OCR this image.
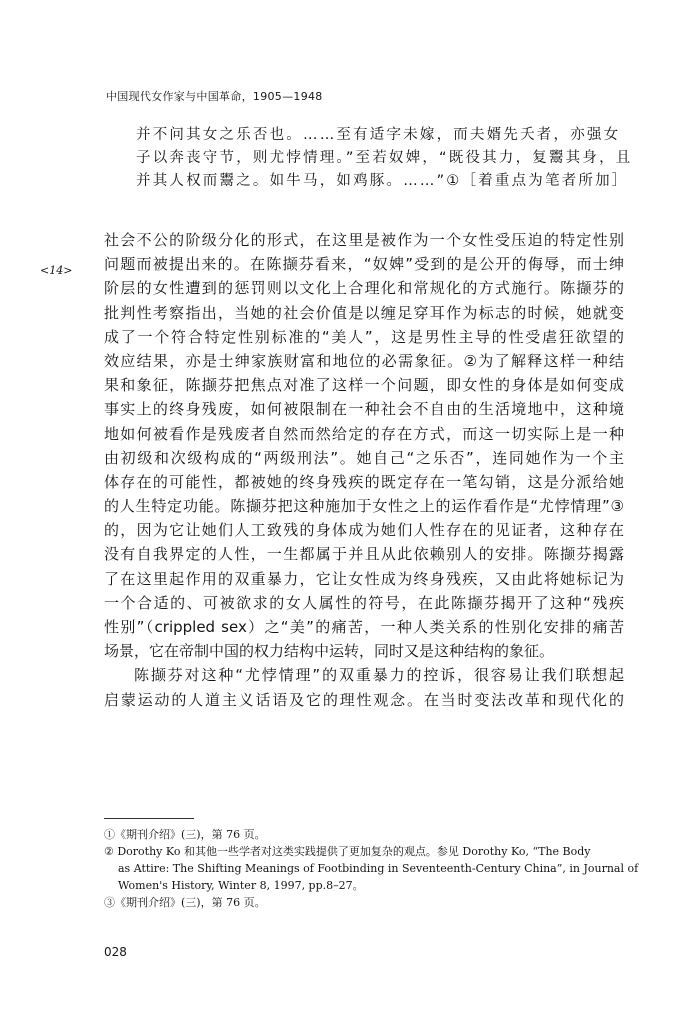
中国现代女作家与中国革命，1905—1948
并不问其女之乐否也。……至有适字未嫁，而夫婿先夭者，亦强女
子以奔丧守节，则尤悖情理。”至若奴婢，“既役其力，复鬻其身，且
并其人权而鬻之。如牛马，如鸡豚。……”①［着重点为笔者所加］
<14>
社会不公的阶级分化的形式，在这里是被作为一个女性受压迫的特定性别
问题而被提出来的。在陈撷芬看来，“奴婢”受到的是公开的侮辱，而士绅
阶层的女性遭到的惩罚则以文化上合理化和常规化的方式施行。陈撷芬的
批判性考察指出，当她的社会价值是以缠足穿耳作为标志的时候，她就变
成了一个符合特定性别标准的“美人”，这是男性主导的性受虐狂欲望的
效应结果，亦是士绅家族财富和地位的必需象征。②为了解释这样一种结
果和象征，陈撷芬把焦点对准了这样一个问题，即女性的身体是如何变成
事实上的终身残废，如何被限制在一种社会不自由的生活境地中，这种境
地如何被看作是残废者自然而然给定的存在方式，而这一切实际上是一种
由初级和次级构成的“两级刑法”。她自己“之乐否”，连同她作为一个主
体存在的可能性，都被她的终身残疾的既定存在一笔勾销，这是分派给她
的人生特定功能。陈撷芬把这种施加于女性之上的运作看作是“尤悖情理”③
的，因为它让她们人工致残的身体成为她们人性存在的见证者，这种存在
没有自我界定的人性，一生都属于并且从此依赖别人的安排。陈撷芬揭露
了在这里起作用的双重暴力，它让女性成为终身残疾，又由此将她标记为
一个合适的、可被欲求的女人属性的符号，在此陈撷芬揭开了这种“残疾
性别”（crippled sex）之“美”的痛苦，一种人类关系的性别化安排的痛苦
场景，它在帝制中国的权力结构中运转，同时又是这种结构的象征。
陈撷芬对这种“尤悖情理”的双重暴力的控诉，很容易让我们联想起
启蒙运动的人道主义话语及它的理性观念。在当时变法改革和现代化的
①《期刊介绍》(三)，第 76 页。
② Dorothy Ko 和其他一些学者对这类实践提供了更加复杂的观点。参见 Dorothy Ko, “The Body
as Attire: The Shifting Meanings of Footbinding in Seventeenth-Century China”, in Journal of
Women's History, Winter 8, 1997, pp.8–27。
③《期刊介绍》(三)，第 76 页。
028
